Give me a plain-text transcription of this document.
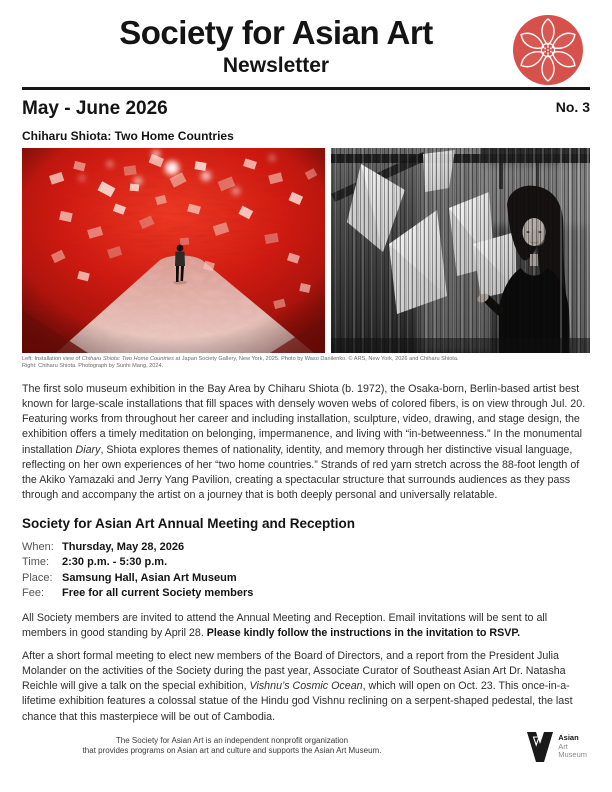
Society for Asian Art
Newsletter
May - June 2026	No. 3
Chiharu Shiota: Two Home Countries
Left: Installation view of Chiharu Shiota: Two Home Countries at Japan Society Gallery, New York, 2025. Photo by Waso Danilenko. © ARS, New York, 2026 and Chiharu Shiota.
Right: Chiharu Shiota. Photograph by Sunhi Mang, 2024.

The first solo museum exhibition in the Bay Area by Chiharu Shiota (b. 1972), the Osaka-born, Berlin-based artist best known for large-scale installations that fill spaces with densely woven webs of colored fibers, is on view through Jul. 20. Featuring works from throughout her career and including installation, sculpture, video, drawing, and stage design, the exhibition offers a timely meditation on belonging, impermanence, and living with “in-betweenness.” In the monumental installation Diary, Shiota explores themes of nationality, identity, and memory through her distinctive visual language, reflecting on her own experiences of her “two home countries.” Strands of red yarn stretch across the 88-foot length of the Akiko Yamazaki and Jerry Yang Pavilion, creating a spectacular structure that surrounds audiences as they pass through and accompany the artist on a journey that is both deeply personal and universally relatable.

Society for Asian Art Annual Meeting and Reception
When: Thursday, May 28, 2026
Time:	2:30 p.m. - 5:30 p.m.
Place: Samsung Hall, Asian Art Museum
Fee:	Free for all current Society members

All Society members are invited to attend the Annual Meeting and Reception. Email invitations will be sent to all members in good standing by April 28. Please kindly follow the instructions in the invitation to RSVP.

After a short formal meeting to elect new members of the Board of Directors, and a report from the President Julia Molander on the activities of the Society during the past year, Associate Curator of Southeast Asian Art Dr. Natasha Reichle will give a talk on the special exhibition, Vishnu’s Cosmic Ocean, which will open on Oct. 23. This once-in-a-lifetime exhibition features a colossal statue of the Hindu god Vishnu reclining on a serpent-shaped pedestal, the last chance that this masterpiece will be out of Cambodia.

The Society for Asian Art is an independent nonprofit organization
that provides programs on Asian art and culture and supports the Asian Art Museum.
Asian
Art
Museum
